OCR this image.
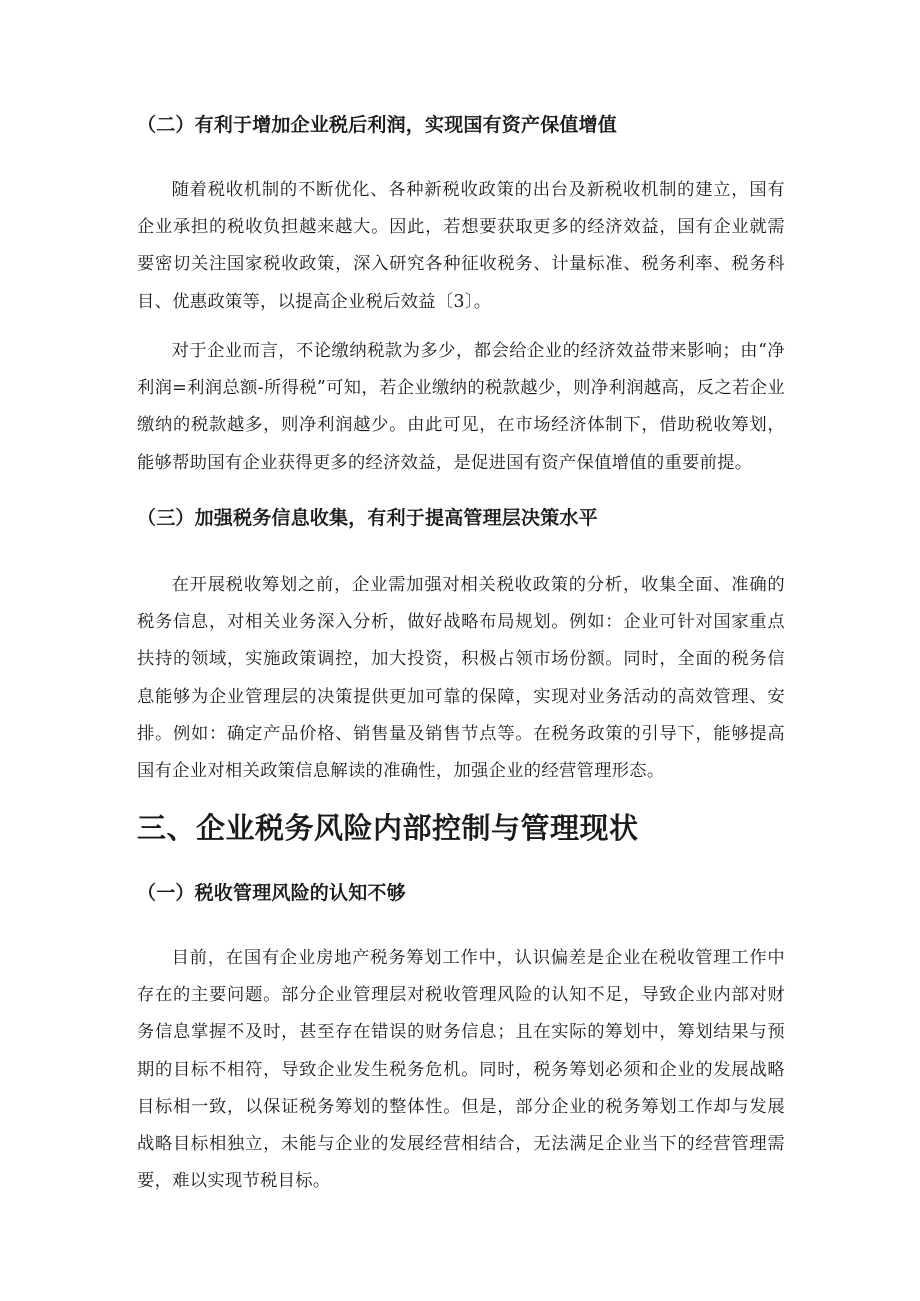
（二）有利于增加企业税后利润，实现国有资产保值增值

随着税收机制的不断优化、各种新税收政策的出台及新税收机制的建立，国有企业承担的税收负担越来越大。因此，若想要获取更多的经济效益，国有企业就需要密切关注国家税收政策，深入研究各种征收税务、计量标准、税务利率、税务科目、优惠政策等，以提高企业税后效益〔3〕。

对于企业而言，不论缴纳税款为多少，都会给企业的经济效益带来影响；由“净利润=利润总额-所得税”可知，若企业缴纳的税款越少，则净利润越高，反之若企业缴纳的税款越多，则净利润越少。由此可见，在市场经济体制下，借助税收筹划，能够帮助国有企业获得更多的经济效益，是促进国有资产保值增值的重要前提。

（三）加强税务信息收集，有利于提高管理层决策水平

在开展税收筹划之前，企业需加强对相关税收政策的分析，收集全面、准确的税务信息，对相关业务深入分析，做好战略布局规划。例如：企业可针对国家重点扶持的领域，实施政策调控，加大投资，积极占领市场份额。同时，全面的税务信息能够为企业管理层的决策提供更加可靠的保障，实现对业务活动的高效管理、安排。例如：确定产品价格、销售量及销售节点等。在税务政策的引导下，能够提高国有企业对相关政策信息解读的准确性，加强企业的经营管理形态。

三、企业税务风险内部控制与管理现状
（一）税收管理风险的认知不够

目前，在国有企业房地产税务筹划工作中，认识偏差是企业在税收管理工作中存在的主要问题。部分企业管理层对税收管理风险的认知不足，导致企业内部对财务信息掌握不及时，甚至存在错误的财务信息；且在实际的筹划中，筹划结果与预期的目标不相符，导致企业发生税务危机。同时，税务筹划必须和企业的发展战略目标相一致，以保证税务筹划的整体性。但是，部分企业的税务筹划工作却与发展战略目标相独立，未能与企业的发展经营相结合，无法满足企业当下的经营管理需要，难以实现节税目标。
